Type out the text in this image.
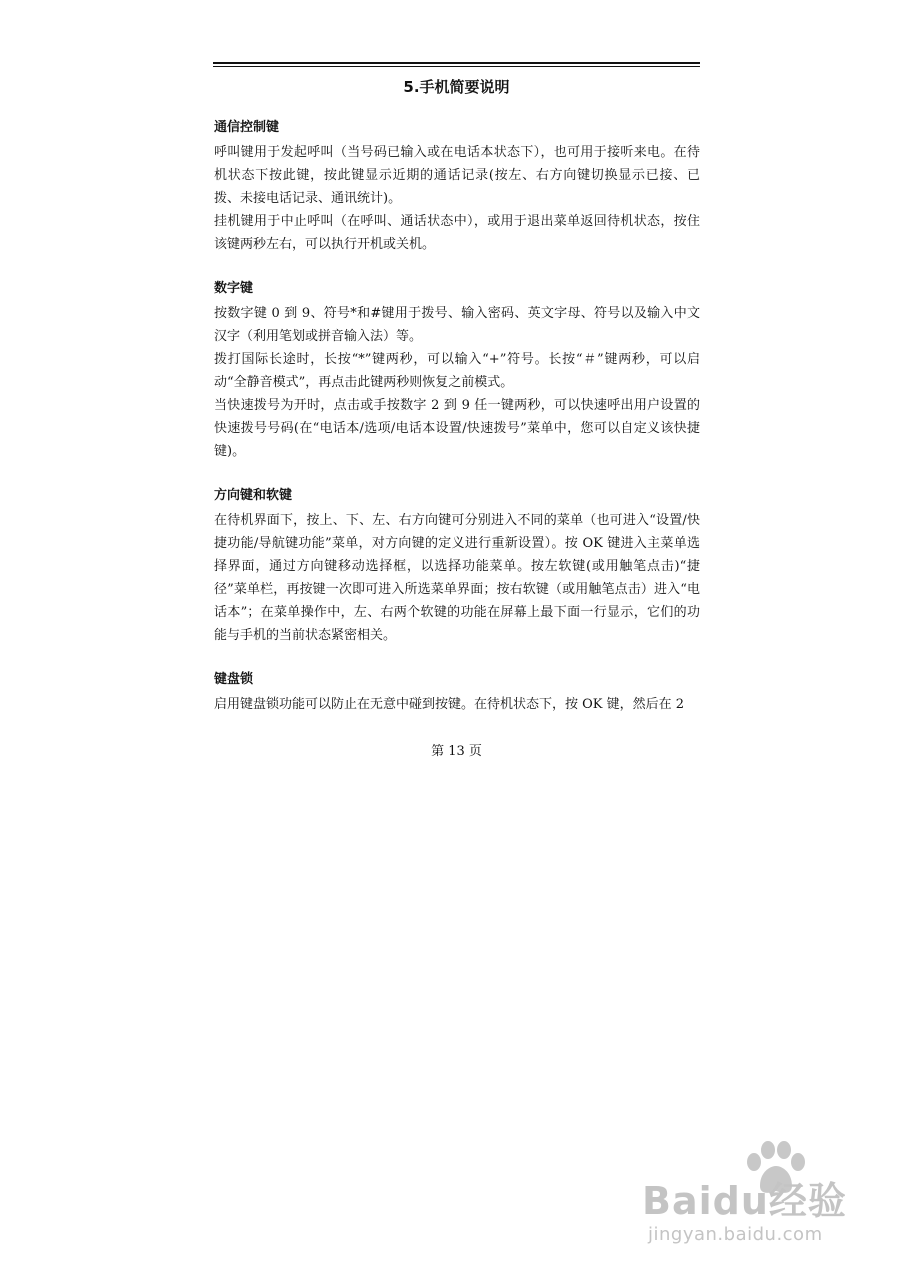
5.手机简要说明
通信控制键

呼叫键用于发起呼叫（当号码已输入或在电话本状态下），也可用于接听来电。在待机状态下按此键，按此键显示近期的通话记录(按左、右方向键切换显示已接、已拨、未接电话记录、通讯统计)。

挂机键用于中止呼叫（在呼叫、通话状态中），或用于退出菜单返回待机状态，按住该键两秒左右，可以执行开机或关机。

数字键

按数字键 0 到 9、符号*和#键用于拨号、输入密码、英文字母、符号以及输入中文汉字（利用笔划或拼音输入法）等。

拨打国际长途时，长按“*”键两秒，可以输入“+”符号。长按“＃”键两秒，可以启动“全静音模式”，再点击此键两秒则恢复之前模式。

当快速拨号为开时，点击或手按数字 2 到 9 任一键两秒，可以快速呼出用户设置的快速拨号号码(在“电话本/选项/电话本设置/快速拨号”菜单中，您可以自定义该快捷键)。

方向键和软键

在待机界面下，按上、下、左、右方向键可分别进入不同的菜单（也可进入“设置/快捷功能/导航键功能”菜单，对方向键的定义进行重新设置）。按 OK 键进入主菜单选择界面，通过方向键移动选择框，以选择功能菜单。按左软键(或用触笔点击)“捷径”菜单栏，再按键一次即可进入所选菜单界面；按右软键（或用触笔点击）进入“电话本”；在菜单操作中，左、右两个软键的功能在屏幕上最下面一行显示，它们的功能与手机的当前状态紧密相关。

键盘锁

启用键盘锁功能可以防止在无意中碰到按键。在待机状态下，按 OK 键，然后在 2

第 13 页
Baidu经验
jingyan.baidu.com
